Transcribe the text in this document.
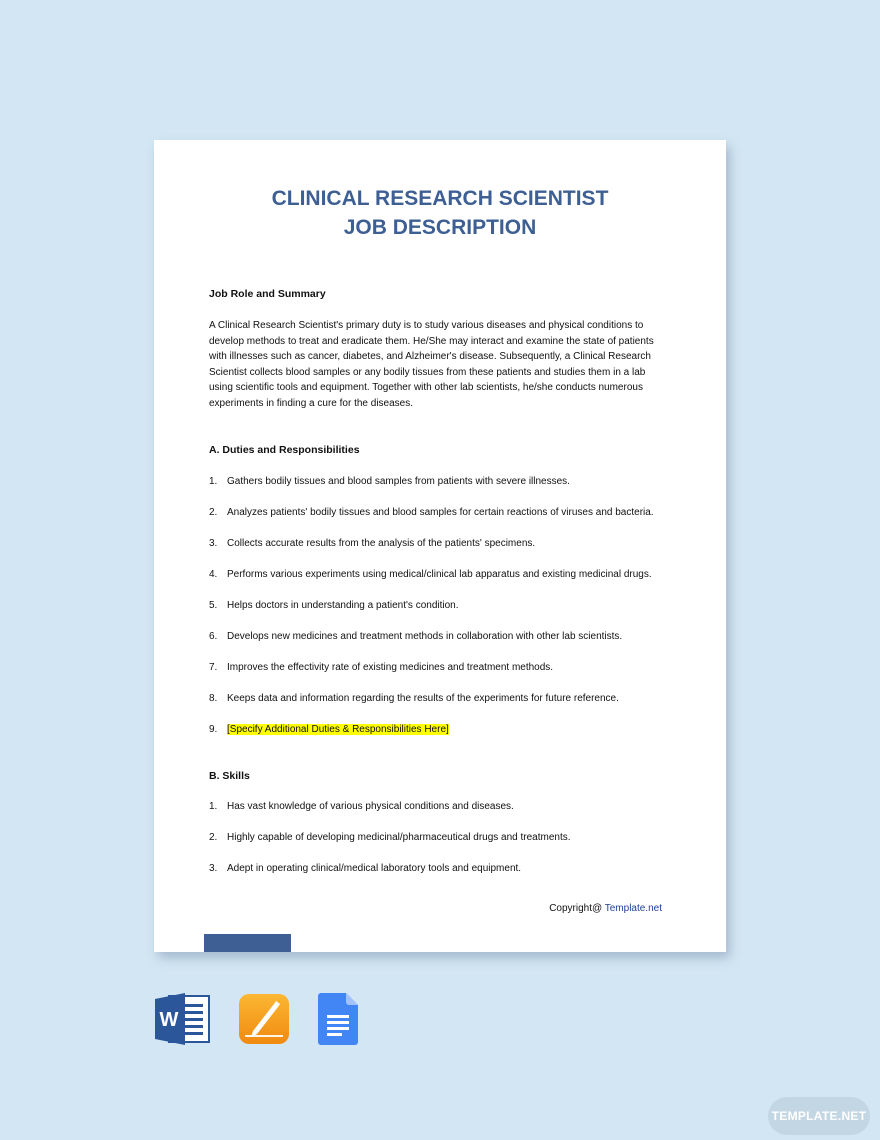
CLINICAL RESEARCH SCIENTIST
JOB DESCRIPTION
Job Role and Summary
A Clinical Research Scientist's primary duty is to study various diseases and physical conditions to develop methods to treat and eradicate them. He/She may interact and examine the state of patients with illnesses such as cancer, diabetes, and Alzheimer's disease. Subsequently, a Clinical Research Scientist collects blood samples or any bodily tissues from these patients and studies them in a lab using scientific tools and equipment. Together with other lab scientists, he/she conducts numerous experiments in finding a cure for the diseases.
A. Duties and Responsibilities
1. Gathers bodily tissues and blood samples from patients with severe illnesses.
2. Analyzes patients' bodily tissues and blood samples for certain reactions of viruses and bacteria.
3. Collects accurate results from the analysis of the patients' specimens.
4. Performs various experiments using medical/clinical lab apparatus and existing medicinal drugs.
5. Helps doctors in understanding a patient's condition.
6. Develops new medicines and treatment methods in collaboration with other lab scientists.
7. Improves the effectivity rate of existing medicines and treatment methods.
8. Keeps data and information regarding the results of the experiments for future reference.
9. [Specify Additional Duties & Responsibilities Here]
B. Skills
1. Has vast knowledge of various physical conditions and diseases.
2. Highly capable of developing medicinal/pharmaceutical drugs and treatments.
3. Adept in operating clinical/medical laboratory tools and equipment.
Copyright@ Template.net
W
TEMPLATE.NET
